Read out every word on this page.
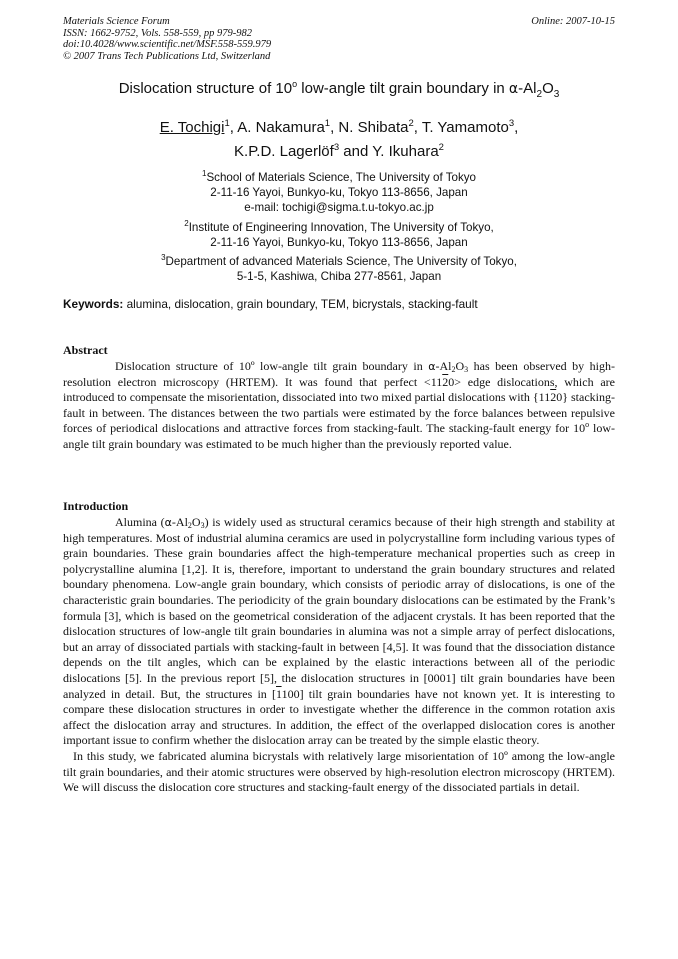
Materials Science Forum
ISSN: 1662-9752, Vols. 558-559, pp 979-982
doi:10.4028/www.scientific.net/MSF.558-559.979
© 2007 Trans Tech Publications Ltd, Switzerland
Online: 2007-10-15
Dislocation structure of 10$^o$ low-angle tilt grain boundary in $\alpha-Al_2O_3$
E. Tochigi$^1$, A. Nakamura$^1$, N. Shibata$^2$, T. Yamamoto$^3$,
K.P.D. Lagerlöf$^3$ and Y. Ikuhara$^2$
$^1$School of Materials Science, The University of Tokyo
2-11-16 Yayoi, Bunkyo-ku, Tokyo 113-8656, Japan
e-mail: tochigi@sigma.t.u-tokyo.ac.jp
$^2$Institute of Engineering Innovation, The University of Tokyo,
2-11-16 Yayoi, Bunkyo-ku, Tokyo 113-8656, Japan
$^3$Department of advanced Materials Science, The University of Tokyo,
5-1-5, Kashiwa, Chiba 277-8561, Japan
Keywords: alumina, dislocation, grain boundary, TEM, bicrystals, stacking-fault
Abstract

Dislocation structure of 10º low-angle tilt grain boundary in $\alpha-Al_2O_3$ has been observed by high-resolution electron microscopy (HRTEM). It was found that perfect <1120> edge dislocations, which are introduced to compensate the misorientation, dissociated into two mixed partial dislocations with {1120} stacking-fault in between. The distances between the two partials were estimated by the force balances between repulsive forces of periodical dislocations and attractive forces from stacking-fault. The stacking-fault energy for 10$^o$ low-angle tilt grain boundary was estimated to be much higher than the previously reported value.

Introduction

Alumina $(\alpha-Al_2O_3)$ is widely used as structural ceramics because of their high strength and stability at high temperatures. Most of industrial alumina ceramics are used in polycrystalline form including various types of grain boundaries. These grain boundaries affect the high-temperature mechanical properties such as creep in polycrystalline alumina [1,2]. It is, therefore, important to understand the grain boundary structures and related boundary phenomena. Low-angle grain boundary, which consists of periodic array of dislocations, is one of the characteristic grain boundaries. The periodicity of the grain boundary dislocations can be estimated by the Frank’s formula [3], which is based on the geometrical consideration of the adjacent crystals. It has been reported that the dislocation structures of low-angle tilt grain boundaries in alumina was not a simple array of perfect dislocations, but an array of dissociated partials with stacking-fault in between [4,5]. It was found that the dissociation distance depends on the tilt angles, which can be explained by the elastic interactions between all of the periodic dislocations [5]. In the previous report [5], the dislocation structures in [0001] tilt grain boundaries have been analyzed in detail. But, the structures in [1100] tilt grain boundaries have not known yet. It is interesting to compare these dislocation structures in order to investigate whether the difference in the common rotation axis affect the dislocation array and structures. In addition, the effect of the overlapped dislocation cores is another important issue to confirm whether the dislocation array can be treated by the simple elastic theory.

In this study, we fabricated alumina bicrystals with relatively large misorientation of 10º among the low-angle tilt grain boundaries, and their atomic structures were observed by high-resolution electron microscopy (HRTEM). We will discuss the dislocation core structures and stacking-fault energy of the dissociated partials in detail.
